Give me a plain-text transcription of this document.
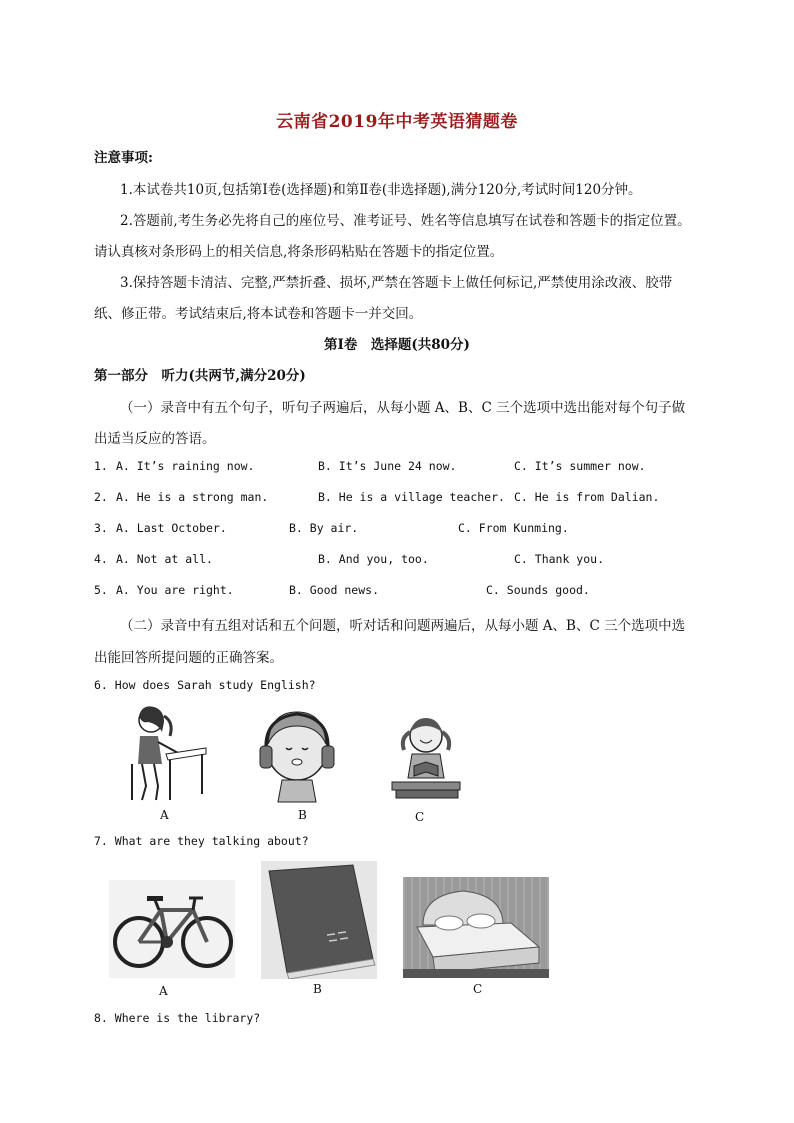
云南省2019年中考英语猜题卷
注意事项:
1.本试卷共10页,包括第Ⅰ卷(选择题)和第Ⅱ卷(非选择题),满分120分,考试时间120分钟。
2.答题前,考生务必先将自己的座位号、准考证号、姓名等信息填写在试卷和答题卡的指定位置。
请认真核对条形码上的相关信息,将条形码粘贴在答题卡的指定位置。
3.保持答题卡清洁、完整,严禁折叠、损坏,严禁在答题卡上做任何标记,严禁使用涂改液、胶带
纸、修正带。考试结束后,将本试卷和答题卡一并交回。
第Ⅰ卷　选择题(共80分)
第一部分　听力(共两节,满分20分)
（一）录音中有五个句子，听句子两遍后，从每小题 A、B、C 三个选项中选出能对每个句子做
出适当反应的答语。
1. A. It’s raining now.	B. It’s June 24 now.	C. It’s summer now.
2. A. He is a strong man.	B. He is a village teacher. C. He is from Dalian.
3. A. Last October.	B. By air.	C. From Kunming.
4. A. Not at all.	B. And you, too.	C. Thank you.
5. A. You are right.	B. Good news.	C. Sounds good.
（二）录音中有五组对话和五个问题，听对话和问题两遍后，从每小题 A、B、C 三个选项中选
出能回答所提问题的正确答案。
6. How does Sarah study English?
A	B	C
7. What are they talking about?
A	B	C
8. Where is the library?
